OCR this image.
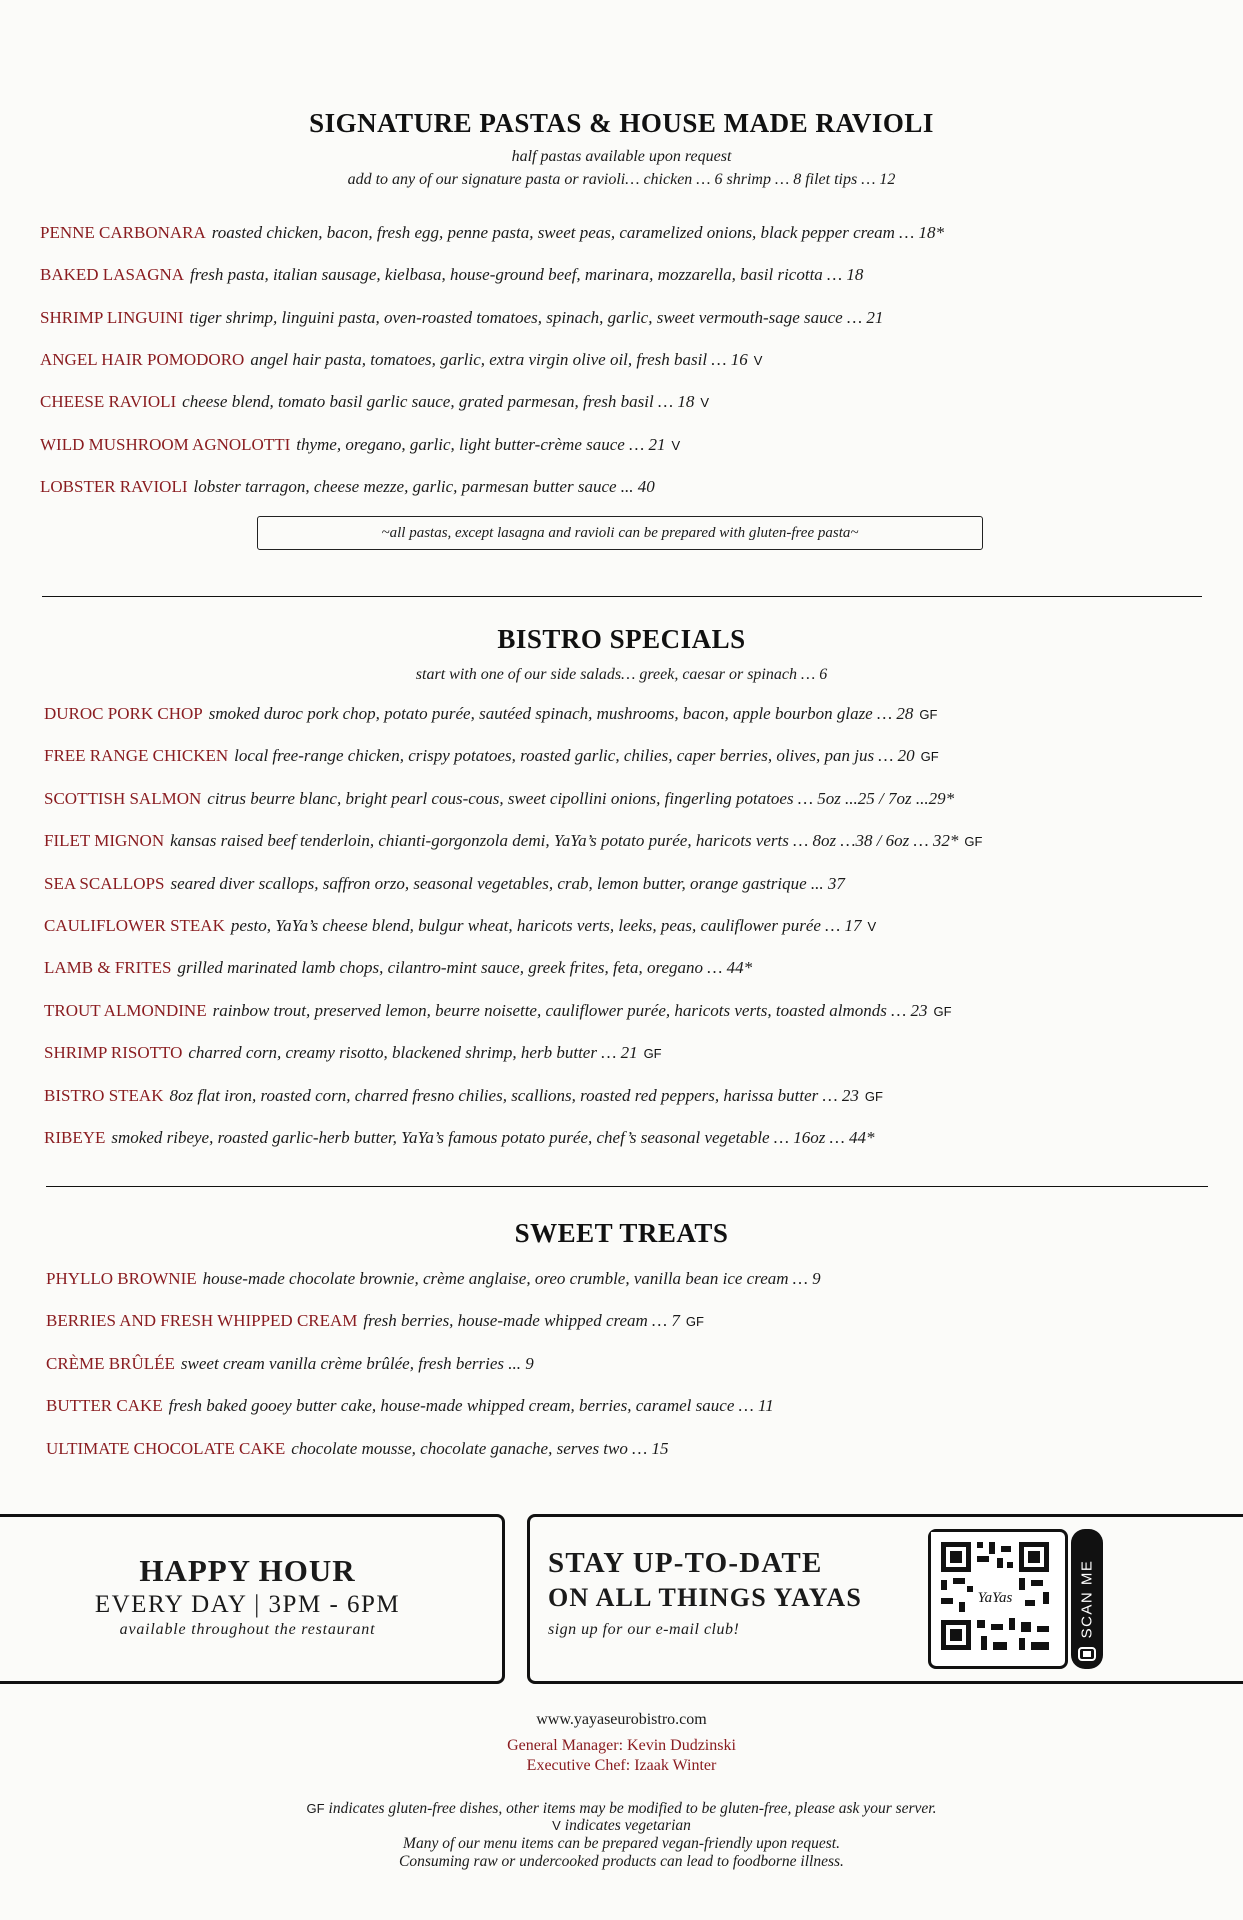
SIGNATURE PASTAS & HOUSE MADE RAVIOLI
half pastas available upon request
add to any of our signature pasta or ravioli… chicken … 6 shrimp … 8 filet tips … 12
PENNE CARBONARA roasted chicken, bacon, fresh egg, penne pasta, sweet peas, caramelized onions, black pepper cream … 18*
BAKED LASAGNA fresh pasta, italian sausage, kielbasa, house-ground beef, marinara, mozzarella, basil ricotta … 18
SHRIMP LINGUINI tiger shrimp, linguini pasta, oven-roasted tomatoes, spinach, garlic, sweet vermouth-sage sauce … 21
ANGEL HAIR POMODORO angel hair pasta, tomatoes, garlic, extra virgin olive oil, fresh basil … 16 V
CHEESE RAVIOLI cheese blend, tomato basil garlic sauce, grated parmesan, fresh basil … 18 V
WILD MUSHROOM AGNOLOTTI thyme, oregano, garlic, light butter-crème sauce … 21 V
LOBSTER RAVIOLI lobster tarragon, cheese mezze, garlic, parmesan butter sauce ... 40
~all pastas, except lasagna and ravioli can be prepared with gluten-free pasta~
BISTRO SPECIALS
start with one of our side salads… greek, caesar or spinach … 6
DUROC PORK CHOP smoked duroc pork chop, potato purée, sautéed spinach, mushrooms, bacon, apple bourbon glaze … 28 GF
FREE RANGE CHICKEN local free-range chicken, crispy potatoes, roasted garlic, chilies, caper berries, olives, pan jus … 20 GF
SCOTTISH SALMON citrus beurre blanc, bright pearl cous-cous, sweet cipollini onions, fingerling potatoes … 5oz ...25 / 7oz ...29*
FILET MIGNON kansas raised beef tenderloin, chianti-gorgonzola demi, YaYa’s potato purée, haricots verts … 8oz …38 / 6oz … 32* GF
SEA SCALLOPS seared diver scallops, saffron orzo, seasonal vegetables, crab, lemon butter, orange gastrique ... 37
CAULIFLOWER STEAK pesto, YaYa’s cheese blend, bulgur wheat, haricots verts, leeks, peas, cauliflower purée … 17 V
LAMB & FRITES grilled marinated lamb chops, cilantro-mint sauce, greek frites, feta, oregano … 44*
TROUT ALMONDINE rainbow trout, preserved lemon, beurre noisette, cauliflower purée, haricots verts, toasted almonds … 23 GF
SHRIMP RISOTTO charred corn, creamy risotto, blackened shrimp, herb butter … 21 GF
BISTRO STEAK 8oz flat iron, roasted corn, charred fresno chilies, scallions, roasted red peppers, harissa butter … 23 GF
RIBEYE smoked ribeye, roasted garlic-herb butter, YaYa’s famous potato purée, chef’s seasonal vegetable … 16oz … 44*
SWEET TREATS
PHYLLO BROWNIE house-made chocolate brownie, crème anglaise, oreo crumble, vanilla bean ice cream … 9
BERRIES AND FRESH WHIPPED CREAM fresh berries, house-made whipped cream … 7 GF
CRÈME BRÛLÉE sweet cream vanilla crème brûlée, fresh berries ... 9
BUTTER CAKE fresh baked gooey butter cake, house-made whipped cream, berries, caramel sauce … 11
ULTIMATE CHOCOLATE CAKE chocolate mousse, chocolate ganache, serves two … 15
HAPPY HOUR
EVERY DAY | 3PM - 6PM
available throughout the restaurant
STAY UP-TO-DATE
ON ALL THINGS YAYAS
sign up for our e-mail club!
YaYas	SCAN ME
www.yayaseurobistro.com
General Manager: Kevin Dudzinski
Executive Chef: Izaak Winter
GF indicates gluten-free dishes, other items may be modified to be gluten-free, please ask your server.
V indicates vegetarian
Many of our menu items can be prepared vegan-friendly upon request.
Consuming raw or undercooked products can lead to foodborne illness.
